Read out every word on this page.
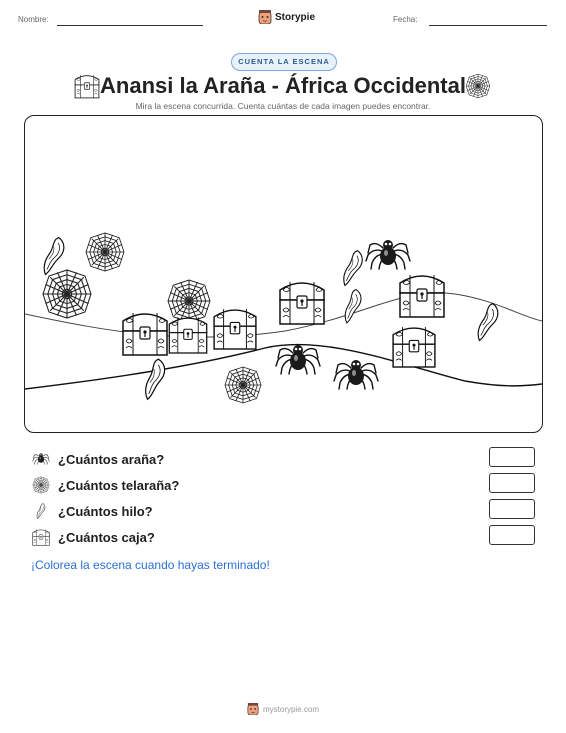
Nombre:	Storypie	Fecha:
CUENTA LA ESCENA
Anansi la Araña - África Occidental
Mira la escena concurrida. Cuenta cuántas de cada imagen puedes encontrar.
¿Cuántos araña?
¿Cuántos telaraña?
¿Cuántos hilo?
¿Cuántos caja?
¡Colorea la escena cuando hayas terminado!
mystorypie.com
